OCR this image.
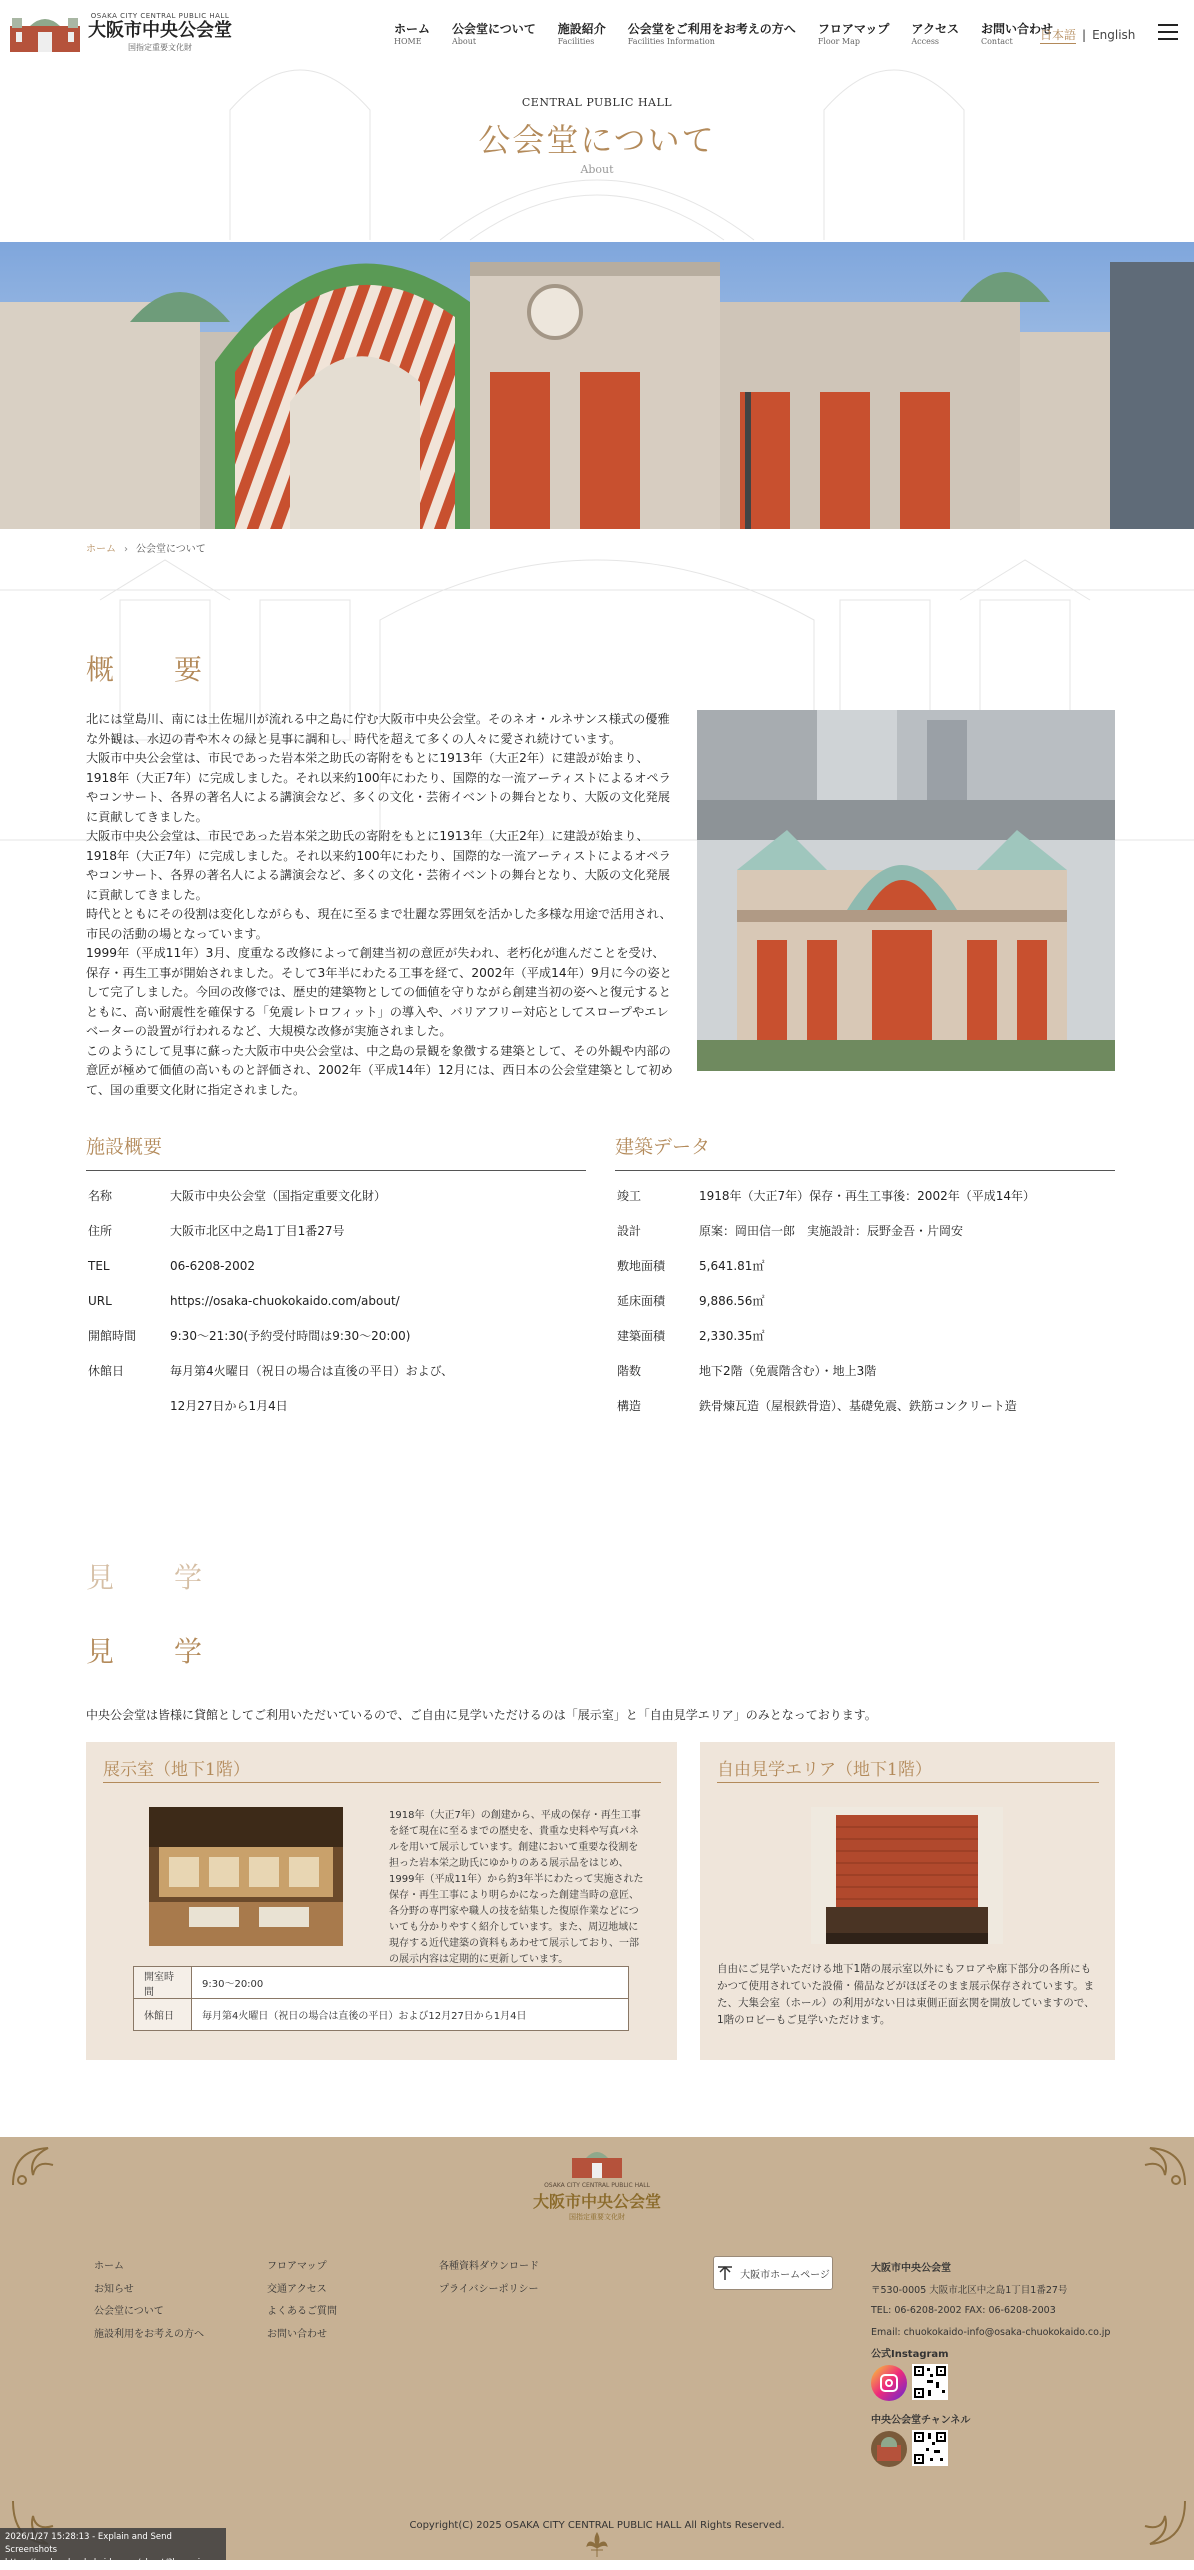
OSAKA CITY CENTRAL PUBLIC HALL
大阪市中央公会堂
国指定重要文化財
ホーム
HOME
公会堂について
About
施設紹介
Facilities
公会堂をご利用をお考えの方へ
Facilities Information
フロアマップ
Floor Map
アクセス
Access
お問い合わせ
Contact	日本語 | English
CENTRAL PUBLIC HALL
公会堂について
About
ホーム › 公会堂について
概　要

北には堂島川、南には土佐堀川が流れる中之島に佇む大阪市中央公会堂。そのネオ・ルネサンス様式の優雅な外観は、水辺の青や木々の緑と見事に調和し、時代を超えて多くの人々に愛され続けています。

大阪市中央公会堂は、市民であった岩本栄之助氏の寄附をもとに1913年（大正2年）に建設が始まり、1918年（大正7年）に完成しました。それ以来約100年にわたり、国際的な一流アーティストによるオペラやコンサート、各界の著名人による講演会など、多くの文化・芸術イベントの舞台となり、大阪の文化発展に貢献してきました。

大阪市中央公会堂は、市民であった岩本栄之助氏の寄附をもとに1913年（大正2年）に建設が始まり、1918年（大正7年）に完成しました。それ以来約100年にわたり、国際的な一流アーティストによるオペラやコンサート、各界の著名人による講演会など、多くの文化・芸術イベントの舞台となり、大阪の文化発展に貢献してきました。

時代とともにその役割は変化しながらも、現在に至るまで壮麗な雰囲気を活かした多様な用途で活用され、市民の活動の場となっています。

1999年（平成11年）3月、度重なる改修によって創建当初の意匠が失われ、老朽化が進んだことを受け、保存・再生工事が開始されました。そして3年半にわたる工事を経て、2002年（平成14年）9月に今の姿として完了しました。今回の改修では、歴史的建築物としての価値を守りながら創建当初の姿へと復元するとともに、高い耐震性を確保する「免震レトロフィット」の導入や、バリアフリー対応としてスロープやエレベーターの設置が行われるなど、大規模な改修が実施されました。

このようにして見事に蘇った大阪市中央公会堂は、中之島の景観を象徴する建築として、その外観や内部の意匠が極めて価値の高いものと評価され、2002年（平成14年）12月には、西日本の公会堂建築として初めて、国の重要文化財に指定されました。

施設概要
名称	大阪市中央公会堂（国指定重要文化財）
住所	大阪市北区中之島1丁目1番27号
TEL	06-6208-2002
URL	https://osaka-chuokokaido.com/about/
開館時間	9:30〜21:30(予約受付時間は9:30〜20:00)
休館日	毎月第4火曜日（祝日の場合は直後の平日）および、
12月27日から1月4日
建築データ
竣工	1918年（大正7年）保存・再生工事後：2002年（平成14年）
設計	原案：岡田信一郎　実施設計：辰野金吾・片岡安
敷地面積	5,641.81㎡
延床面積	9,886.56㎡
建築面積	2,330.35㎡
階数	地下2階（免震階含む）・地上3階
構造	鉄骨煉瓦造（屋根鉄骨造）、基礎免震、鉄筋コンクリート造
見　学
見　学
中央公会堂は皆様に貸館としてご利用いただいているので、ご自由に見学いただけるのは「展示室」と「自由見学エリア」のみとなっております。
展示室（地下1階）
1918年（大正7年）の創建から、平成の保存・再生工事を経て現在に至るまでの歴史を、貴重な史料や写真パネルを用いて展示しています。創建において重要な役割を担った岩本栄之助氏にゆかりのある展示品をはじめ、1999年（平成11年）から約3年半にわたって実施された保存・再生工事により明らかになった創建当時の意匠、各分野の専門家や職人の技を結集した復原作業などについても分かりやすく紹介しています。また、周辺地域に現存する近代建築の資料もあわせて展示しており、一部の展示内容は定期的に更新しています。
開室時間	9:30〜20:00
休館日	毎月第4火曜日（祝日の場合は直後の平日）および12月27日から1月4日
自由見学エリア（地下1階）
自由にご見学いただける地下1階の展示室以外にもフロアや廊下部分の各所にもかつて使用されていた設備・備品などがほぼそのまま展示保存されています。また、大集会室（ホール）の利用がない日は東側正面玄関を開放していますので、1階のロビーもご見学いただけます。
OSAKA CITY CENTRAL PUBLIC HALL
大阪市中央公会堂
国指定重要文化財
ホーム
お知らせ
公会堂について
施設利用をお考えの方へ
フロアマップ
交通アクセス
よくあるご質問
お問い合わせ
各種資料ダウンロード
プライバシーポリシー
大阪市ホームページ
大阪市中央公会堂
〒530-0005 大阪市北区中之島1丁目1番27号
TEL: 06-6208-2002 FAX: 06-6208-2003
Email: chuokokaido-info@osaka-chuokokaido.co.jp
公式Instagram
中央公会堂チャンネル
Copyright(C) 2025 OSAKA CITY CENTRAL PUBLIC HALL All Rights Reserved.
2026/1/27 15:28:13 - Explain and Send Screenshots
https://osaka-chuokokaido.com/about/?lang=ja
